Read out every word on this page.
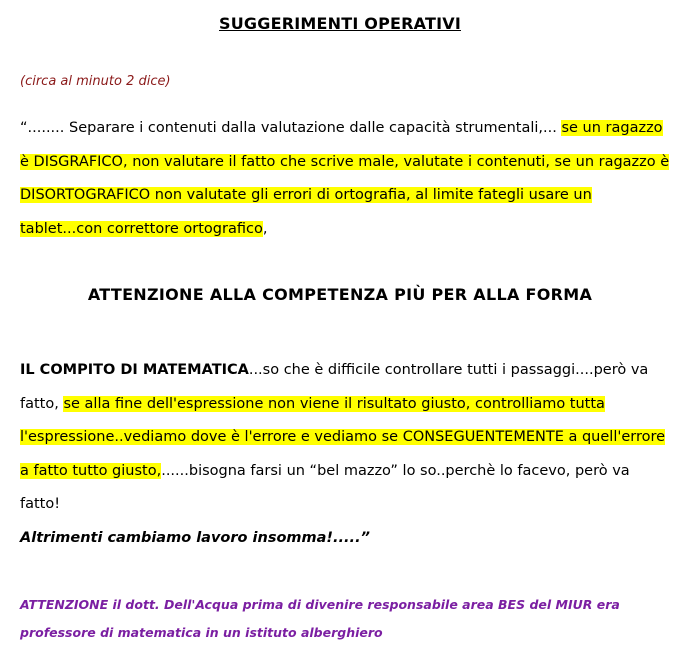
SUGGERIMENTI OPERATIVI
(circa al minuto 2 dice)
“........ Separare i contenuti dalla valutazione dalle capacità strumentali,... se un ragazzo è DISGRAFICO, non valutare il fatto che scrive male, valutate i contenuti, se un ragazzo è DISORTOGRAFICO non valutate gli errori di ortografia, al limite fategli usare un tablet...con correttore ortografico,
ATTENZIONE ALLA COMPETENZA PIÙ PER ALLA FORMA
IL COMPITO DI MATEMATICA...so che è difficile controllare tutti i passaggi....però va fatto, se alla fine dell'espressione non viene il risultato giusto, controlliamo tutta l'espressione..vediamo dove è l'errore e vediamo se CONSEGUENTEMENTE a quell'errore a fatto tutto giusto,......bisogna farsi un “bel mazzo” lo so..perchè lo facevo, però va fatto!
Altrimenti cambiamo lavoro insomma!.....”
ATTENZIONE il dott. Dell'Acqua prima di divenire responsabile area BES del MIUR era professore di matematica in un istituto alberghiero
